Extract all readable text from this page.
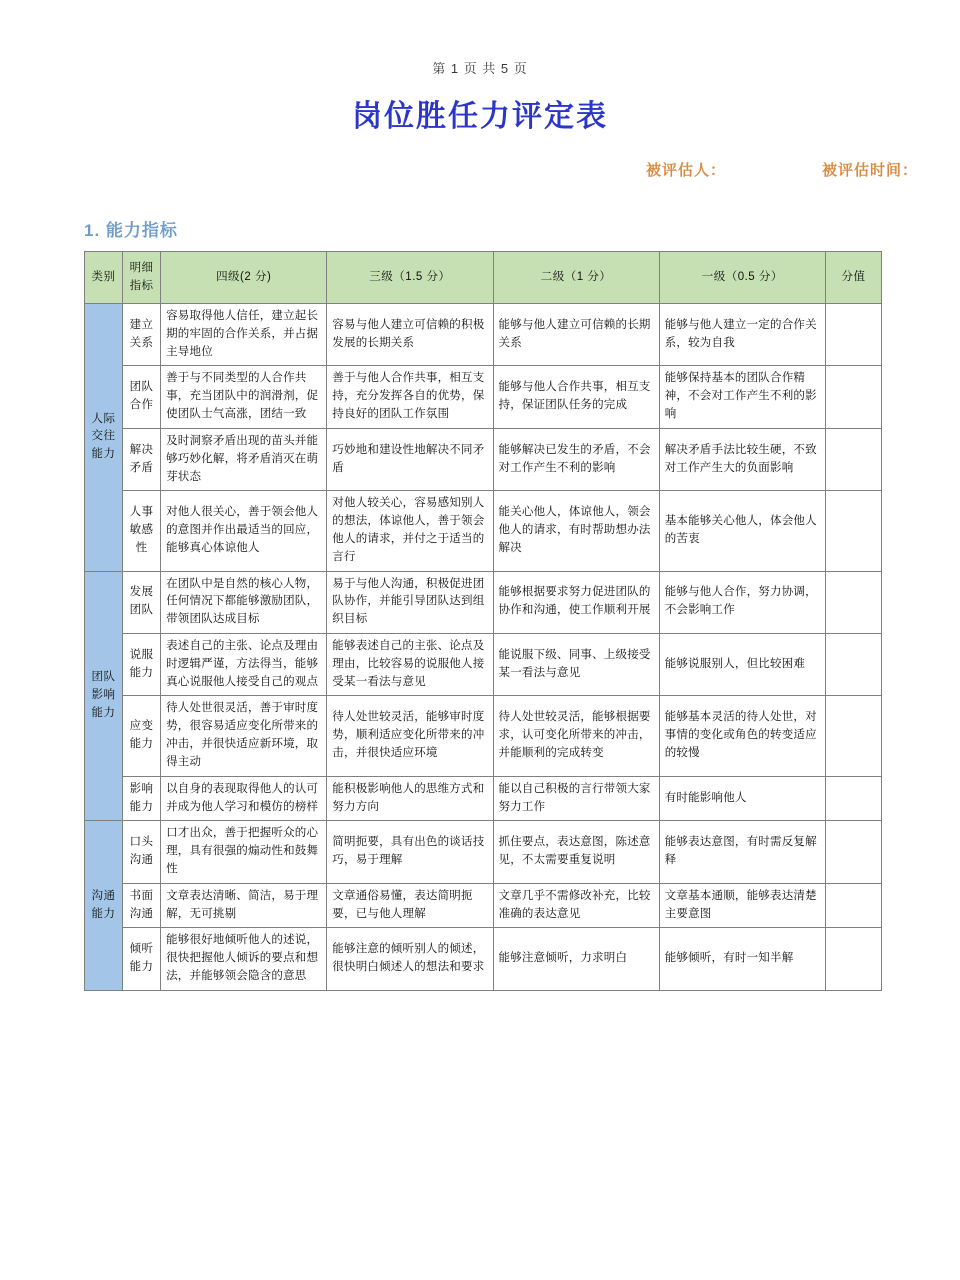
第 1 页 共 5 页
岗位胜任力评定表
被评估人：	被评估时间：
1. 能力指标
类别	明细指标	四级(2 分)	三级（1.5 分）	二级（1 分）	一级（0.5 分）	分值
人际交往能力	建立关系	容易取得他人信任，建立起长期的牢固的合作关系，并占据主导地位	容易与他人建立可信赖的积极发展的长期关系	能够与他人建立可信赖的长期关系	能够与他人建立一定的合作关系，较为自我	
	团队合作	善于与不同类型的人合作共事，充当团队中的润滑剂，促使团队士气高涨，团结一致	善于与他人合作共事，相互支持，充分发挥各自的优势，保持良好的团队工作氛围	能够与他人合作共事，相互支持，保证团队任务的完成	能够保持基本的团队合作精神，不会对工作产生不利的影响	
	解决矛盾	及时洞察矛盾出现的苗头并能够巧妙化解，将矛盾消灭在萌芽状态	巧妙地和建设性地解决不同矛盾	能够解决已发生的矛盾，不会对工作产生不利的影响	解决矛盾手法比较生硬，不致对工作产生大的负面影响	
	人事敏感性	对他人很关心，善于领会他人的意图并作出最适当的回应，能够真心体谅他人	对他人较关心，容易感知别人的想法，体谅他人，善于领会他人的请求，并付之于适当的言行	能关心他人，体谅他人，领会他人的请求，有时帮助想办法解决	基本能够关心他人，体会他人的苦衷	
团队影响能力	发展团队	在团队中是自然的核心人物，任何情况下都能够激励团队，带领团队达成目标	易于与他人沟通，积极促进团队协作，并能引导团队达到组织目标	能够根据要求努力促进团队的协作和沟通，使工作顺利开展	能够与他人合作，努力协调，不会影响工作	
	说服能力	表述自己的主张、论点及理由时逻辑严谨，方法得当，能够真心说服他人接受自己的观点	能够表述自己的主张、论点及理由，比较容易的说服他人接受某一看法与意见	能说服下级、同事、上级接受某一看法与意见	能够说服别人，但比较困难	
	应变能力	待人处世很灵活，善于审时度势，很容易适应变化所带来的冲击，并很快适应新环境，取得主动	待人处世较灵活，能够审时度势，顺利适应变化所带来的冲击，并很快适应环境	待人处世较灵活，能够根据要求，认可变化所带来的冲击，并能顺利的完成转变	能够基本灵活的待人处世，对事情的变化或角色的转变适应的较慢	
	影响能力	以自身的表现取得他人的认可并成为他人学习和模仿的榜样	能积极影响他人的思维方式和努力方向	能以自己积极的言行带领大家努力工作	有时能影响他人	
沟通能力	口头沟通	口才出众，善于把握听众的心理，具有很强的煽动性和鼓舞性	简明扼要，具有出色的谈话技巧，易于理解	抓住要点，表达意图，陈述意见，不太需要重复说明	能够表达意图，有时需反复解释	
	书面沟通	文章表达清晰、简洁，易于理解，无可挑剔	文章通俗易懂，表达简明扼要，已与他人理解	文章几乎不需修改补充，比较准确的表达意见	文章基本通顺，能够表达清楚主要意图	
	倾听能力	能够很好地倾听他人的述说，很快把握他人倾诉的要点和想法，并能够领会隐含的意思	能够注意的倾听别人的倾述，很快明白倾述人的想法和要求	能够注意倾听，力求明白	能够倾听，有时一知半解	
